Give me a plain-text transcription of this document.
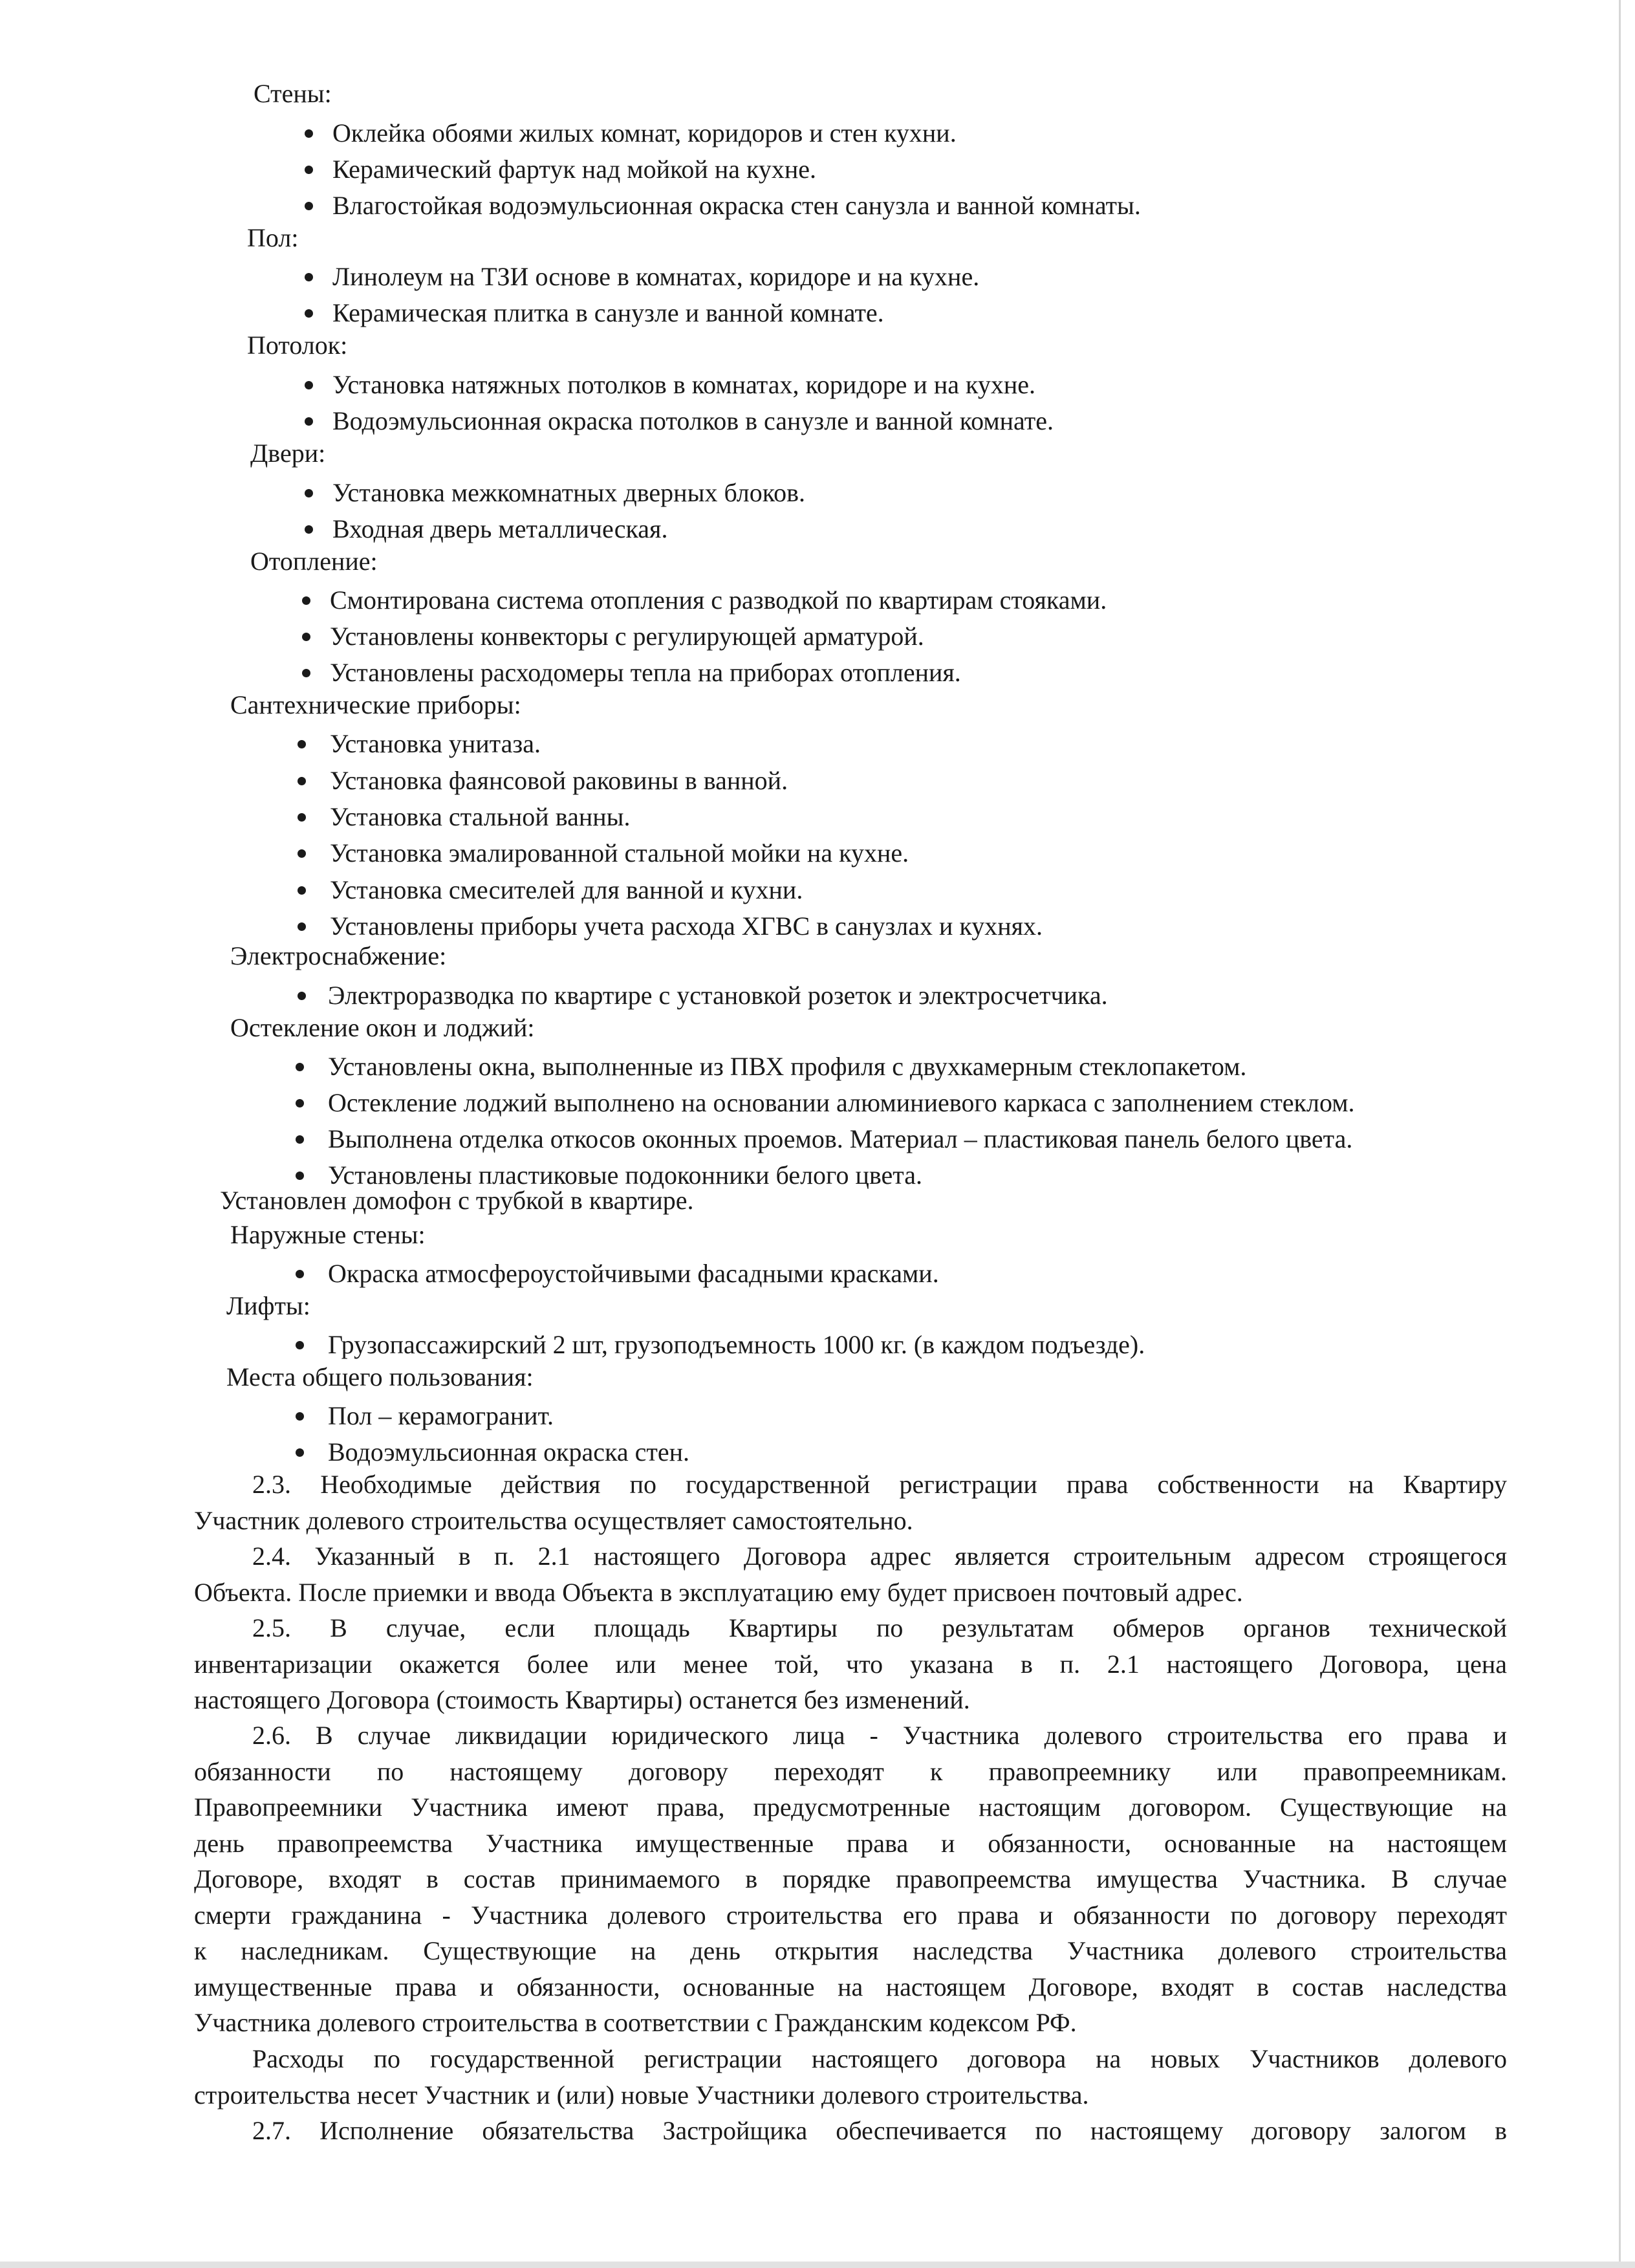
Стены:
Оклейка обоями жилых комнат, коридоров и стен кухни.
Керамический фартук над мойкой на кухне.
Влагостойкая водоэмульсионная окраска стен санузла и ванной комнаты.
Пол:
Линолеум на ТЗИ основе в комнатах, коридоре и на кухне.
Керамическая плитка в санузле и ванной комнате.
Потолок:
Установка натяжных потолков в комнатах, коридоре и на кухне.
Водоэмульсионная окраска потолков в санузле и ванной комнате.
Двери:
Установка межкомнатных дверных блоков.
Входная дверь металлическая.
Отопление:
Смонтирована система отопления с разводкой по квартирам стояками.
Установлены конвекторы с регулирующей арматурой.
Установлены расходомеры тепла на приборах отопления.
Сантехнические приборы:
Установка унитаза.
Установка фаянсовой раковины в ванной.
Установка стальной ванны.
Установка эмалированной стальной мойки на кухне.
Установка смесителей для ванной и кухни.
Установлены приборы учета расхода ХГВС в санузлах и кухнях.
Электроснабжение:
Электроразводка по квартире с установкой розеток и электросчетчика.
Остекление окон и лоджий:
Установлены окна, выполненные из ПВХ профиля с двухкамерным стеклопакетом.
Остекление лоджий выполнено на основании алюминиевого каркаса с заполнением стеклом.
Выполнена отделка откосов оконных проемов. Материал – пластиковая панель белого цвета.
Установлены пластиковые подоконники белого цвета.
Установлен домофон с трубкой в квартире.
Наружные стены:
Окраска атмосфероустойчивыми фасадными красками.
Лифты:
Грузопассажирский 2 шт, грузоподъемность 1000 кг. (в каждом подъезде).
Места общего пользования:
Пол – керамогранит.
Водоэмульсионная окраска стен.
2.3. Необходимые действия по государственной регистрации права собственности на Квартиру
Участник долевого строительства осуществляет самостоятельно.
2.4. Указанный в п. 2.1 настоящего Договора адрес является строительным адресом строящегося
Объекта. После приемки и ввода Объекта в эксплуатацию ему будет присвоен почтовый адрес.
2.5. В случае, если площадь Квартиры по результатам обмеров органов технической
инвентаризации окажется более или менее той, что указана в п. 2.1 настоящего Договора, цена
настоящего Договора (стоимость Квартиры) останется без изменений.
2.6. В случае ликвидации юридического лица - Участника долевого строительства его права и
обязанности по настоящему договору переходят к правопреемнику или правопреемникам.
Правопреемники Участника имеют права, предусмотренные настоящим договором. Существующие на
день правопреемства Участника имущественные права и обязанности, основанные на настоящем
Договоре, входят в состав принимаемого в порядке правопреемства имущества Участника. В случае
смерти гражданина - Участника долевого строительства его права и обязанности по договору переходят
к наследникам. Существующие на день открытия наследства Участника долевого строительства
имущественные права и обязанности, основанные на настоящем Договоре, входят в состав наследства
Участника долевого строительства в соответствии с Гражданским кодексом РФ.
Расходы по государственной регистрации настоящего договора на новых Участников долевого
строительства несет Участник и (или) новые Участники долевого строительства.
2.7. Исполнение обязательства Застройщика обеспечивается по настоящему договору залогом в
